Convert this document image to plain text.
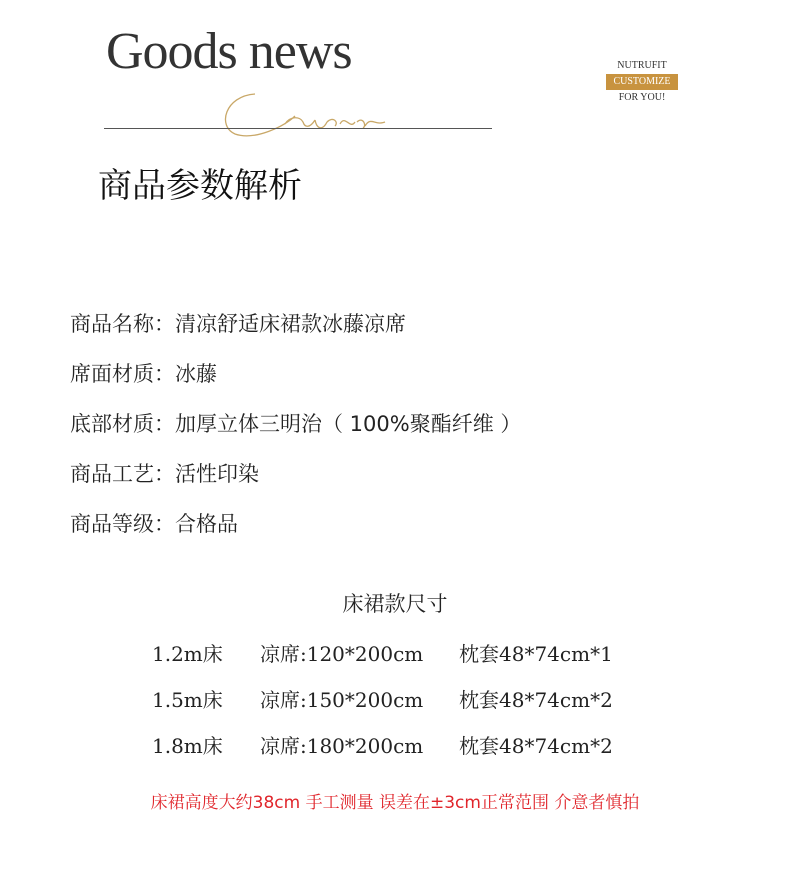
Goods news	NUTRUFIT
CUSTOMIZE
FOR YOU!
商品参数解析
商品名称：清凉舒适床裙款冰藤凉席
席面材质：冰藤
底部材质：加厚立体三明治（ 100%聚酯纤维 ）
商品工艺：活性印染
商品等级：合格品
床裙款尺寸
1.2m床 凉席:120*200cm 枕套48*74cm*1
1.5m床 凉席:150*200cm 枕套48*74cm*2
1.8m床 凉席:180*200cm 枕套48*74cm*2
床裙高度大约38cm 手工测量 误差在±3cm正常范围 介意者慎拍
